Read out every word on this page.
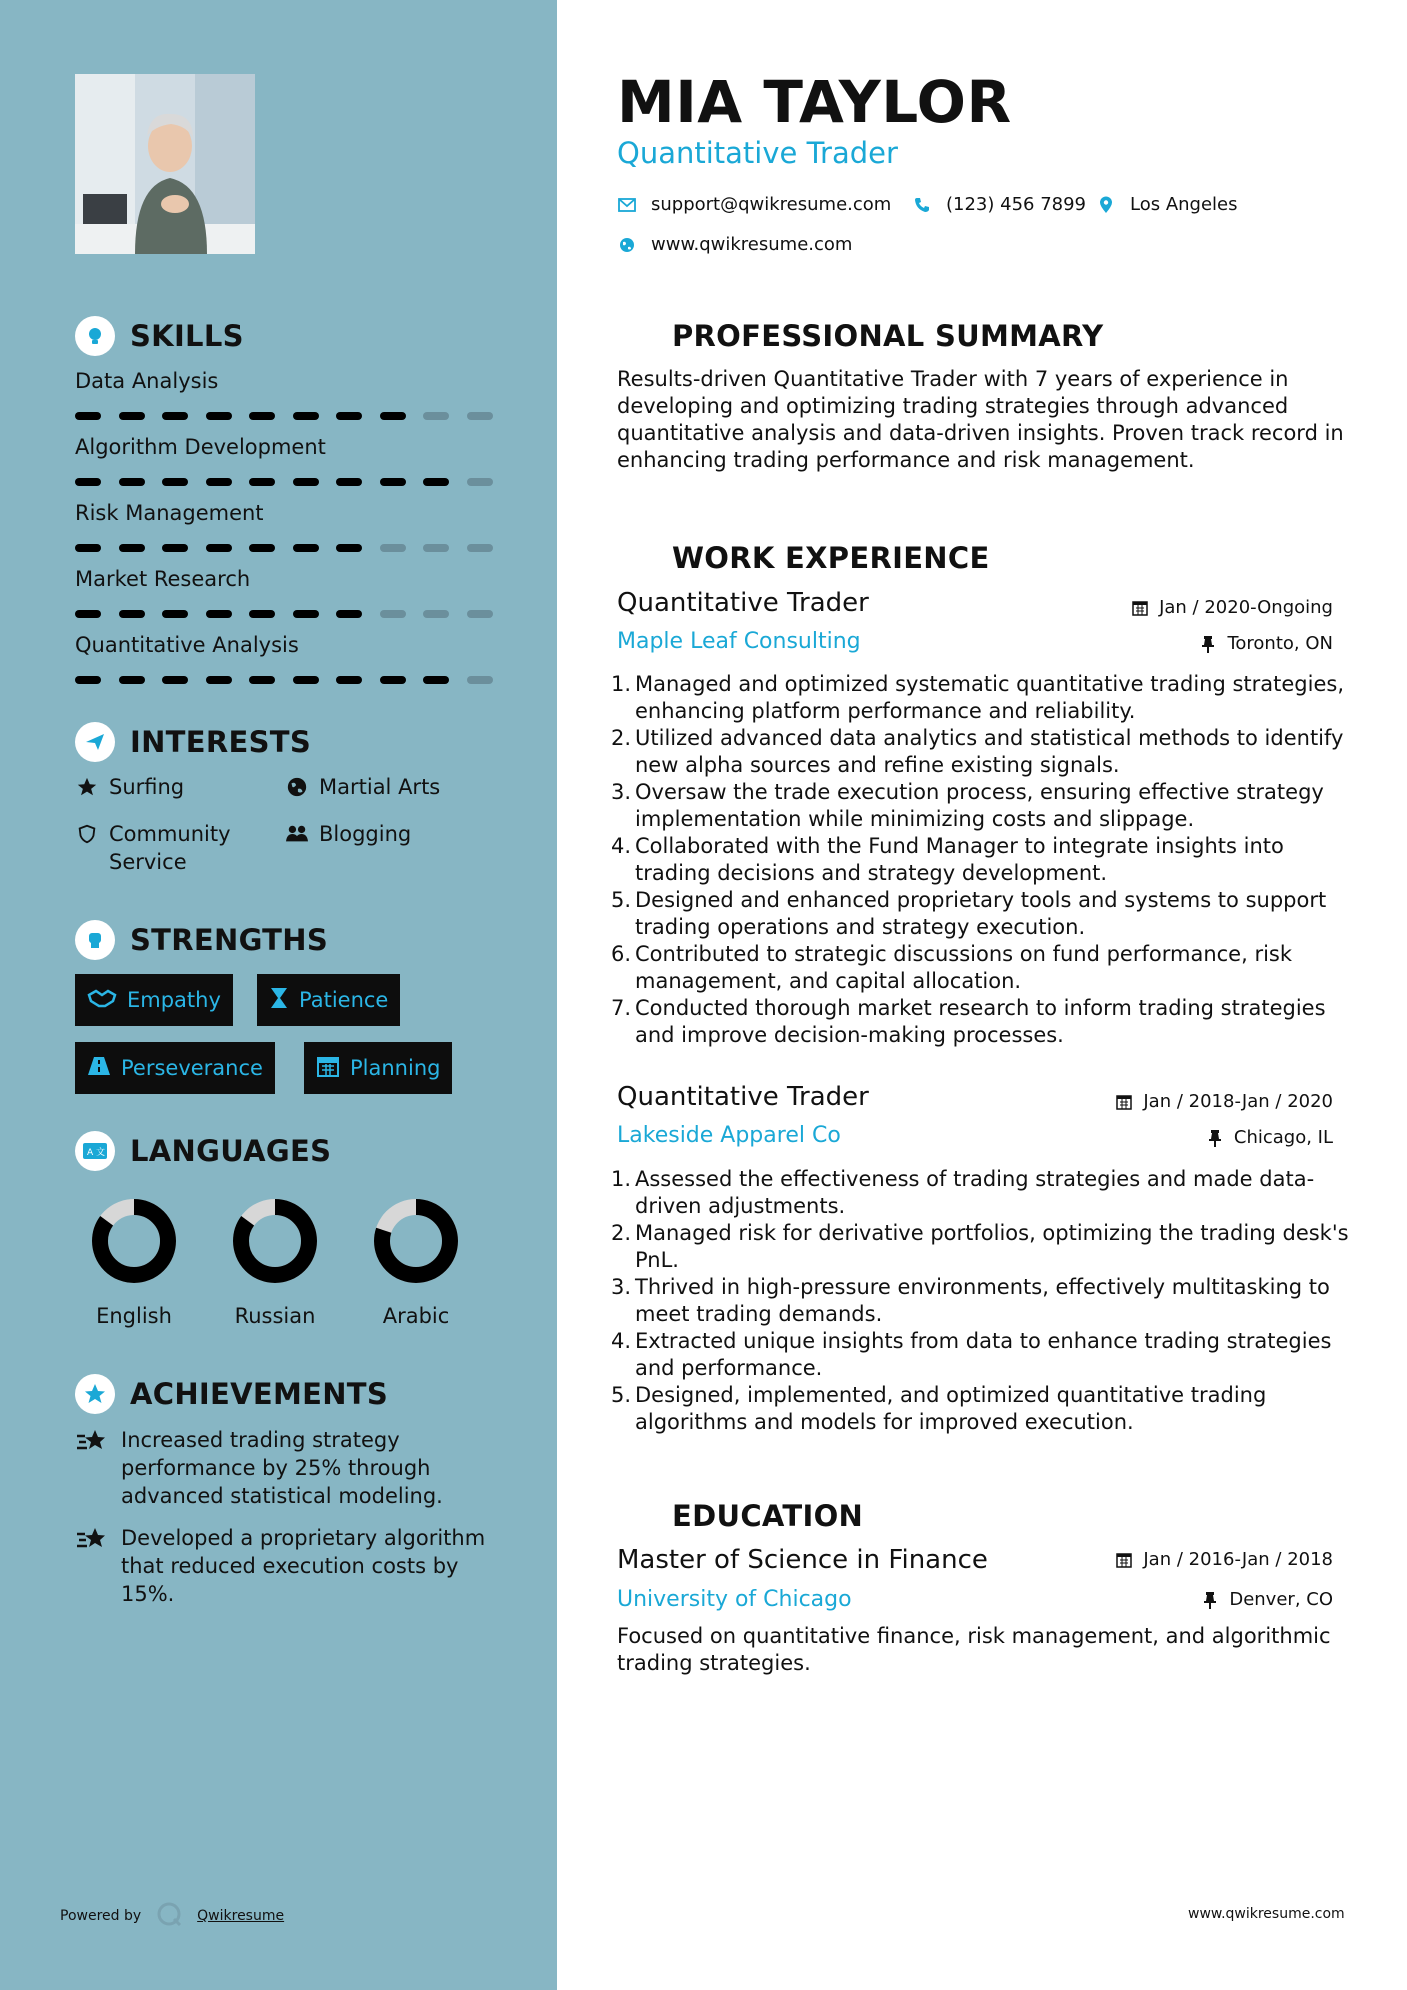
SKILLS
Data Analysis
Algorithm Development
Risk Management
Market Research
Quantitative Analysis
INTERESTS
Surfing	Martial Arts
Community Service
Blogging
STRENGTHS
Empathy	Patience
Perseverance	Planning
A 文 LANGUAGES
English	Russian	Arabic
ACHIEVEMENTS
Increased trading strategy performance by 25% through advanced statistical modeling.
Developed a proprietary algorithm that reduced execution costs by 15%.
Powered by	Qwikresume	www.qwikresume.com
MIA TAYLOR
Quantitative Trader
support@qwikresume.com	(123) 456 7899 Los Angeles
www.qwikresume.com
PROFESSIONAL SUMMARY
Results-driven Quantitative Trader with 7 years of experience in developing and optimizing trading strategies through advanced quantitative analysis and data-driven insights. Proven track record in enhancing trading performance and risk management.
WORK EXPERIENCE
Quantitative Trader	Jan / 2020-Ongoing
Maple Leaf Consulting	Toronto, ON
1. Managed and optimized systematic quantitative trading strategies, enhancing platform performance and reliability.
2. Utilized advanced data analytics and statistical methods to identify new alpha sources and refine existing signals.
3. Oversaw the trade execution process, ensuring effective strategy implementation while minimizing costs and slippage.
4. Collaborated with the Fund Manager to integrate insights into trading decisions and strategy development.
5. Designed and enhanced proprietary tools and systems to support trading operations and strategy execution.
6. Contributed to strategic discussions on fund performance, risk management, and capital allocation.
7. Conducted thorough market research to inform trading strategies and improve decision-making processes.
Quantitative Trader	Jan / 2018-Jan / 2020
Lakeside Apparel Co	Chicago, IL
1. Assessed the effectiveness of trading strategies and made data-driven adjustments.
2. Managed risk for derivative portfolios, optimizing the trading desk's PnL.
3. Thrived in high-pressure environments, effectively multitasking to meet trading demands.
4. Extracted unique insights from data to enhance trading strategies and performance.
5. Designed, implemented, and optimized quantitative trading algorithms and models for improved execution.
EDUCATION
Master of Science in Finance	Jan / 2016-Jan / 2018
University of Chicago	Denver, CO
Focused on quantitative finance, risk management, and algorithmic trading strategies.
